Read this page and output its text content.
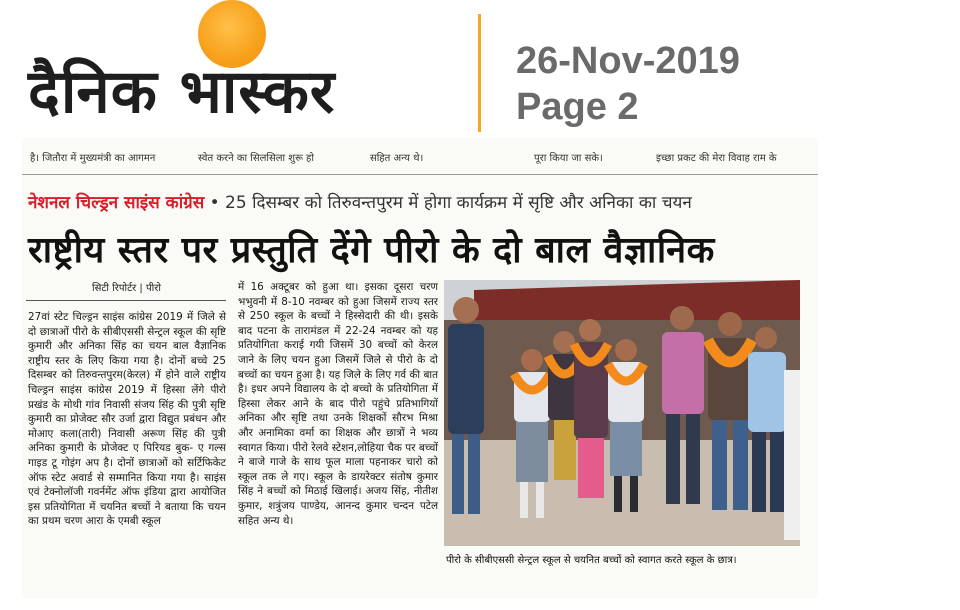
दैनिक भास्कर	26-Nov-2019
Page 2
है। जितौरा में मुख्यमंत्री का आगमन	स्वेत करने का सिलसिला शुरू हो	सहित अन्य थे।	पूरा किया जा सके।	इच्छा प्रकट की मेरा विवाह राम के
नेशनल चिल्ड्रन साइंस कांग्रेस • 25 दिसम्बर को तिरुवन्तपुरम में होगा कार्यक्रम में सृष्टि और अनिका का चयन
राष्ट्रीय स्तर पर प्रस्तुति देंगे पीरो के दो बाल वैज्ञानिक
सिटी रिपोर्टर | पीरो
27वां स्टेट चिल्ड्रन साइंस कांग्रेस 2019 में जिले से दो छात्राओं पीरो के सीबीएससी सेन्ट्रल स्कूल की सृष्टि कुमारी और अनिका सिंह का चयन बाल वैज्ञानिक राष्ट्रीय स्तर के लिए किया गया है। दोनों बच्चे 25 दिसम्बर को तिरुवन्तपुरम(केरल) में होने वाले राष्ट्रीय चिल्ड्रन साइंस कांग्रेस 2019 में हिस्सा लेंगे पीरो प्रखंड के मोथी गांव निवासी संजय सिंह की पुत्री सृष्टि कुमारी का प्रोजेक्ट सौर उर्जा द्वारा विद्युत प्रबंधन और मोआए कला(तारी) निवासी अरूण सिंह की पुत्री अनिका कुमारी के प्रोजेक्ट ए पिरियड बुक- ए गल्स गाइड टू गोइंग अप है। दोनों छात्राओं को सर्टिफिकेट ऑफ स्टेट अवार्ड से सम्मानित किया गया है। साइंस एवं टेक्नोलॉजी गवर्नमेंट ऑफ इंडिया द्वारा आयोजित इस प्रतियोगिता में चयनित बच्चों ने बताया कि चयन का प्रथम चरण आरा के एमबी स्कूल
में 16 अक्टूबर को हुआ था। इसका दूसरा चरण भभुवनी में 8-10 नवम्बर को हुआ जिसमें राज्य स्तर से 250 स्कूल के बच्चों ने हिस्सेदारी की थी। इसके बाद पटना के तारामंडल में 22-24 नवम्बर को यह प्रतियोगिता कराई गयी जिसमें 30 बच्चों को केरल जाने के लिए चयन हुआ जिसमें जिले से पीरो के दो बच्चों का चयन हुआ है। यह जिले के लिए गर्व की बात है। इधर अपने विद्यालय के दो बच्चो के प्रतियोगिता में हिस्सा लेकर आने के बाद पीरो पहुंचे प्रतिभागियों अनिका और सृष्टि तथा उनके शिक्षकों सौरभ मिश्रा और अनामिका वर्मा का शिक्षक और छात्रों ने भव्य स्वागत किया। पीरो रेलवे स्टेशन,लोहिया चैक पर बच्चों ने बाजे गाजे के साथ फूल माला पहनाकर चारो को स्कूल तक ले गए। स्कूल के डायरेक्टर संतोष कुमार सिंह ने बच्चों को मिठाई खिलाई। अजय सिंह, नीतीश कुमार, शत्रुंजय पाण्डेय, आनन्द कुमार चन्दन पटेल सहित अन्य थे।
पीरो के सीबीएससी सेन्ट्रल स्कूल से चयनित बच्चों को स्वागत करते स्कूल के छात्र।
